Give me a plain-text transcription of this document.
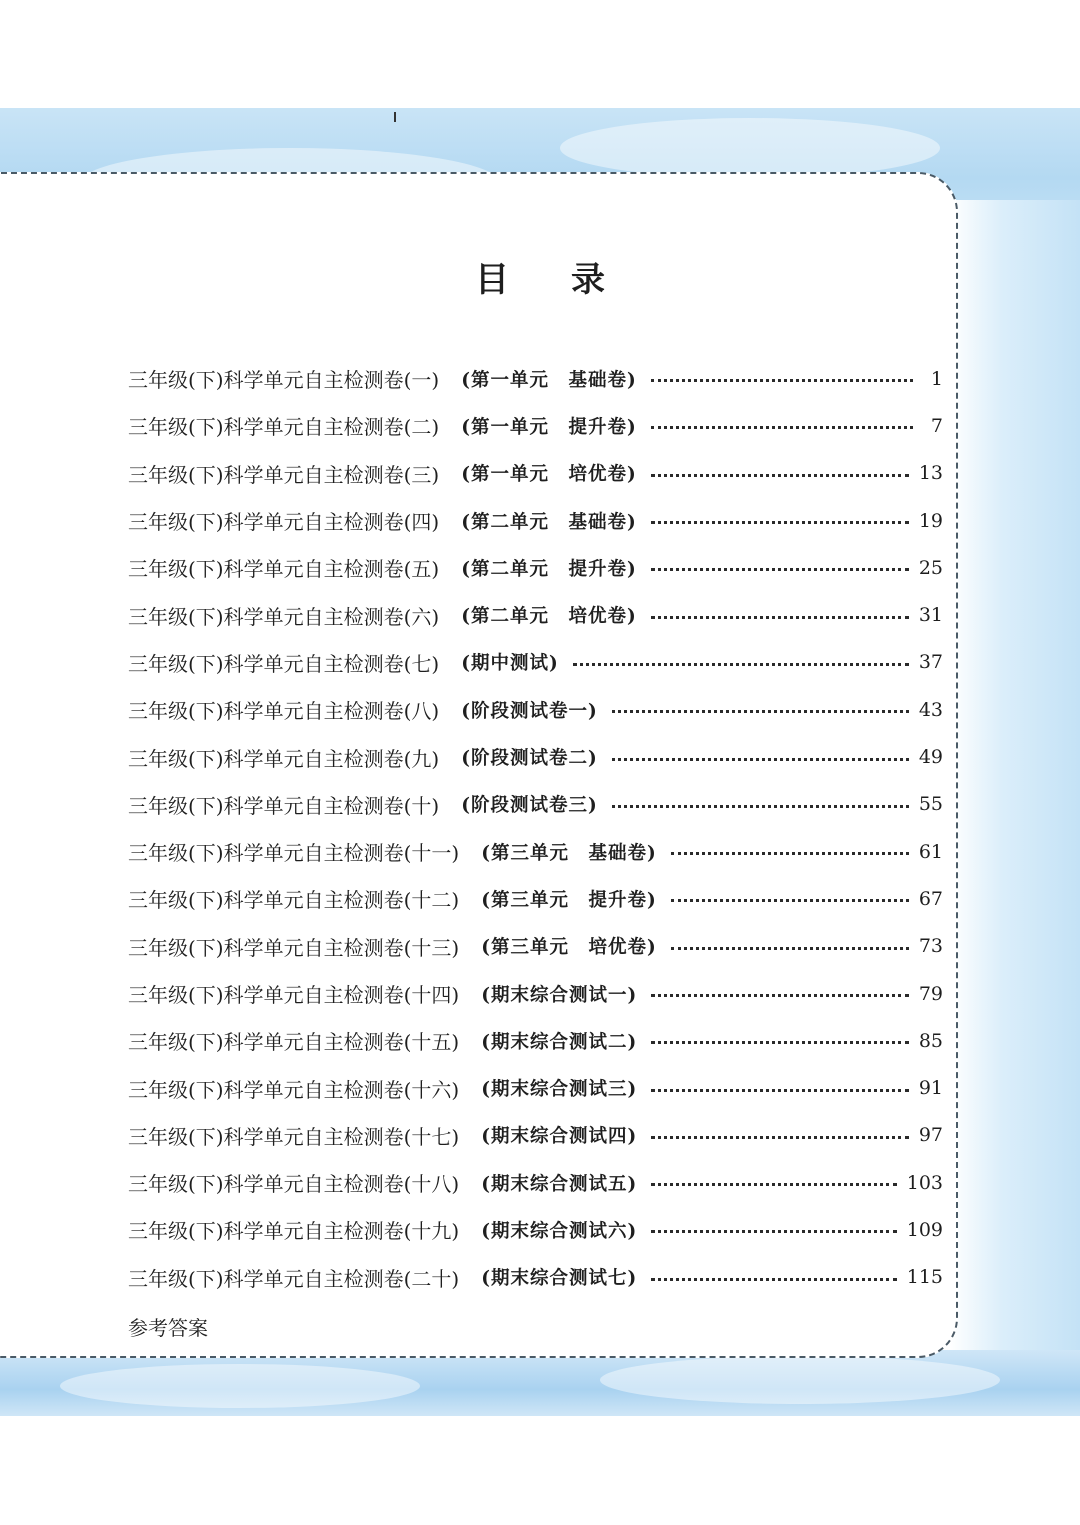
目 录
三年级(下)科学单元自主检测卷(一) (第一单元　基础卷)	1
三年级(下)科学单元自主检测卷(二) (第一单元　提升卷)	7
三年级(下)科学单元自主检测卷(三) (第一单元　培优卷)	13
三年级(下)科学单元自主检测卷(四) (第二单元　基础卷)	19
三年级(下)科学单元自主检测卷(五) (第二单元　提升卷)	25
三年级(下)科学单元自主检测卷(六) (第二单元　培优卷)	31
三年级(下)科学单元自主检测卷(七) (期中测试)	37
三年级(下)科学单元自主检测卷(八) (阶段测试卷一)	43
三年级(下)科学单元自主检测卷(九) (阶段测试卷二)	49
三年级(下)科学单元自主检测卷(十) (阶段测试卷三)	55
三年级(下)科学单元自主检测卷(十一) (第三单元　基础卷)	61
三年级(下)科学单元自主检测卷(十二) (第三单元　提升卷)	67
三年级(下)科学单元自主检测卷(十三) (第三单元　培优卷)	73
三年级(下)科学单元自主检测卷(十四) (期末综合测试一)	79
三年级(下)科学单元自主检测卷(十五) (期末综合测试二)	85
三年级(下)科学单元自主检测卷(十六) (期末综合测试三)	91
三年级(下)科学单元自主检测卷(十七) (期末综合测试四)	97
三年级(下)科学单元自主检测卷(十八) (期末综合测试五)	103
三年级(下)科学单元自主检测卷(十九) (期末综合测试六)	109
三年级(下)科学单元自主检测卷(二十) (期末综合测试七)	115
参考答案
